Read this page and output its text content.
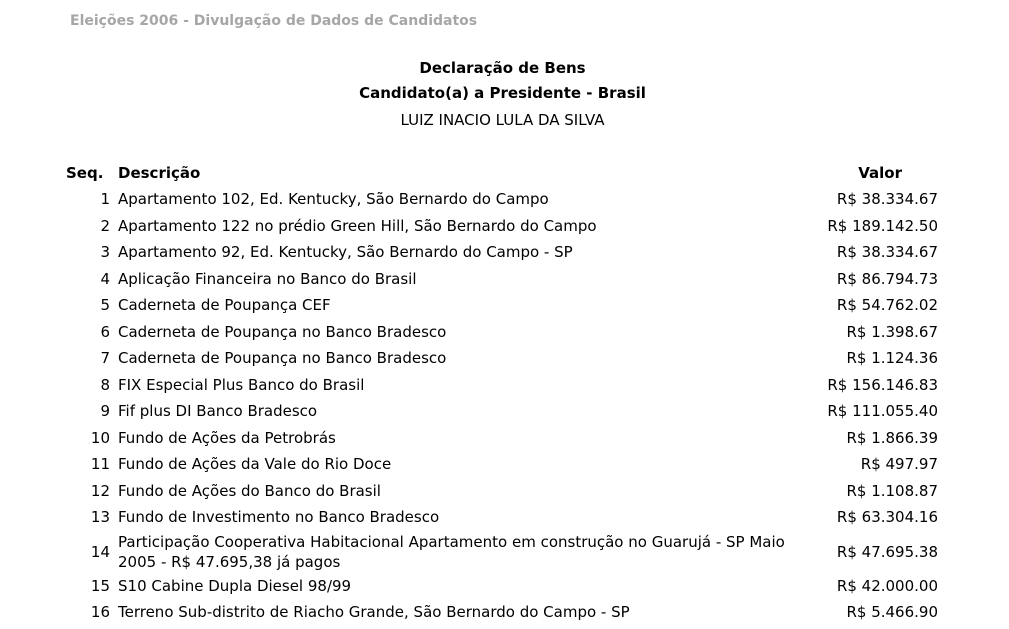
Eleições 2006 - Divulgação de Dados de Candidatos
Declaração de Bens
Candidato(a) a Presidente - Brasil
LUIZ INACIO LULA DA SILVA
Seq.	Descrição	Valor
1	Apartamento 102, Ed. Kentucky, São Bernardo do Campo	R$ 38.334.67
2	Apartamento 122 no prédio Green Hill, São Bernardo do Campo	R$ 189.142.50
3	Apartamento 92, Ed. Kentucky, São Bernardo do Campo - SP	R$ 38.334.67
4	Aplicação Financeira no Banco do Brasil	R$ 86.794.73
5	Caderneta de Poupança CEF	R$ 54.762.02
6	Caderneta de Poupança no Banco Bradesco	R$ 1.398.67
7	Caderneta de Poupança no Banco Bradesco	R$ 1.124.36
8	FIX Especial Plus Banco do Brasil	R$ 156.146.83
9	Fif plus DI Banco Bradesco	R$ 111.055.40
10	Fundo de Ações da Petrobrás	R$ 1.866.39
11	Fundo de Ações da Vale do Rio Doce	R$ 497.97
12	Fundo de Ações do Banco do Brasil	R$ 1.108.87
13	Fundo de Investimento no Banco Bradesco	R$ 63.304.16
14	Participação Cooperativa Habitacional Apartamento em construção no Guarujá - SP Maio 2005 - R$ 47.695,38 já pagos	R$ 47.695.38
15	S10 Cabine Dupla Diesel 98/99	R$ 42.000.00
16	Terreno Sub-distrito de Riacho Grande, São Bernardo do Campo - SP	R$ 5.466.90
